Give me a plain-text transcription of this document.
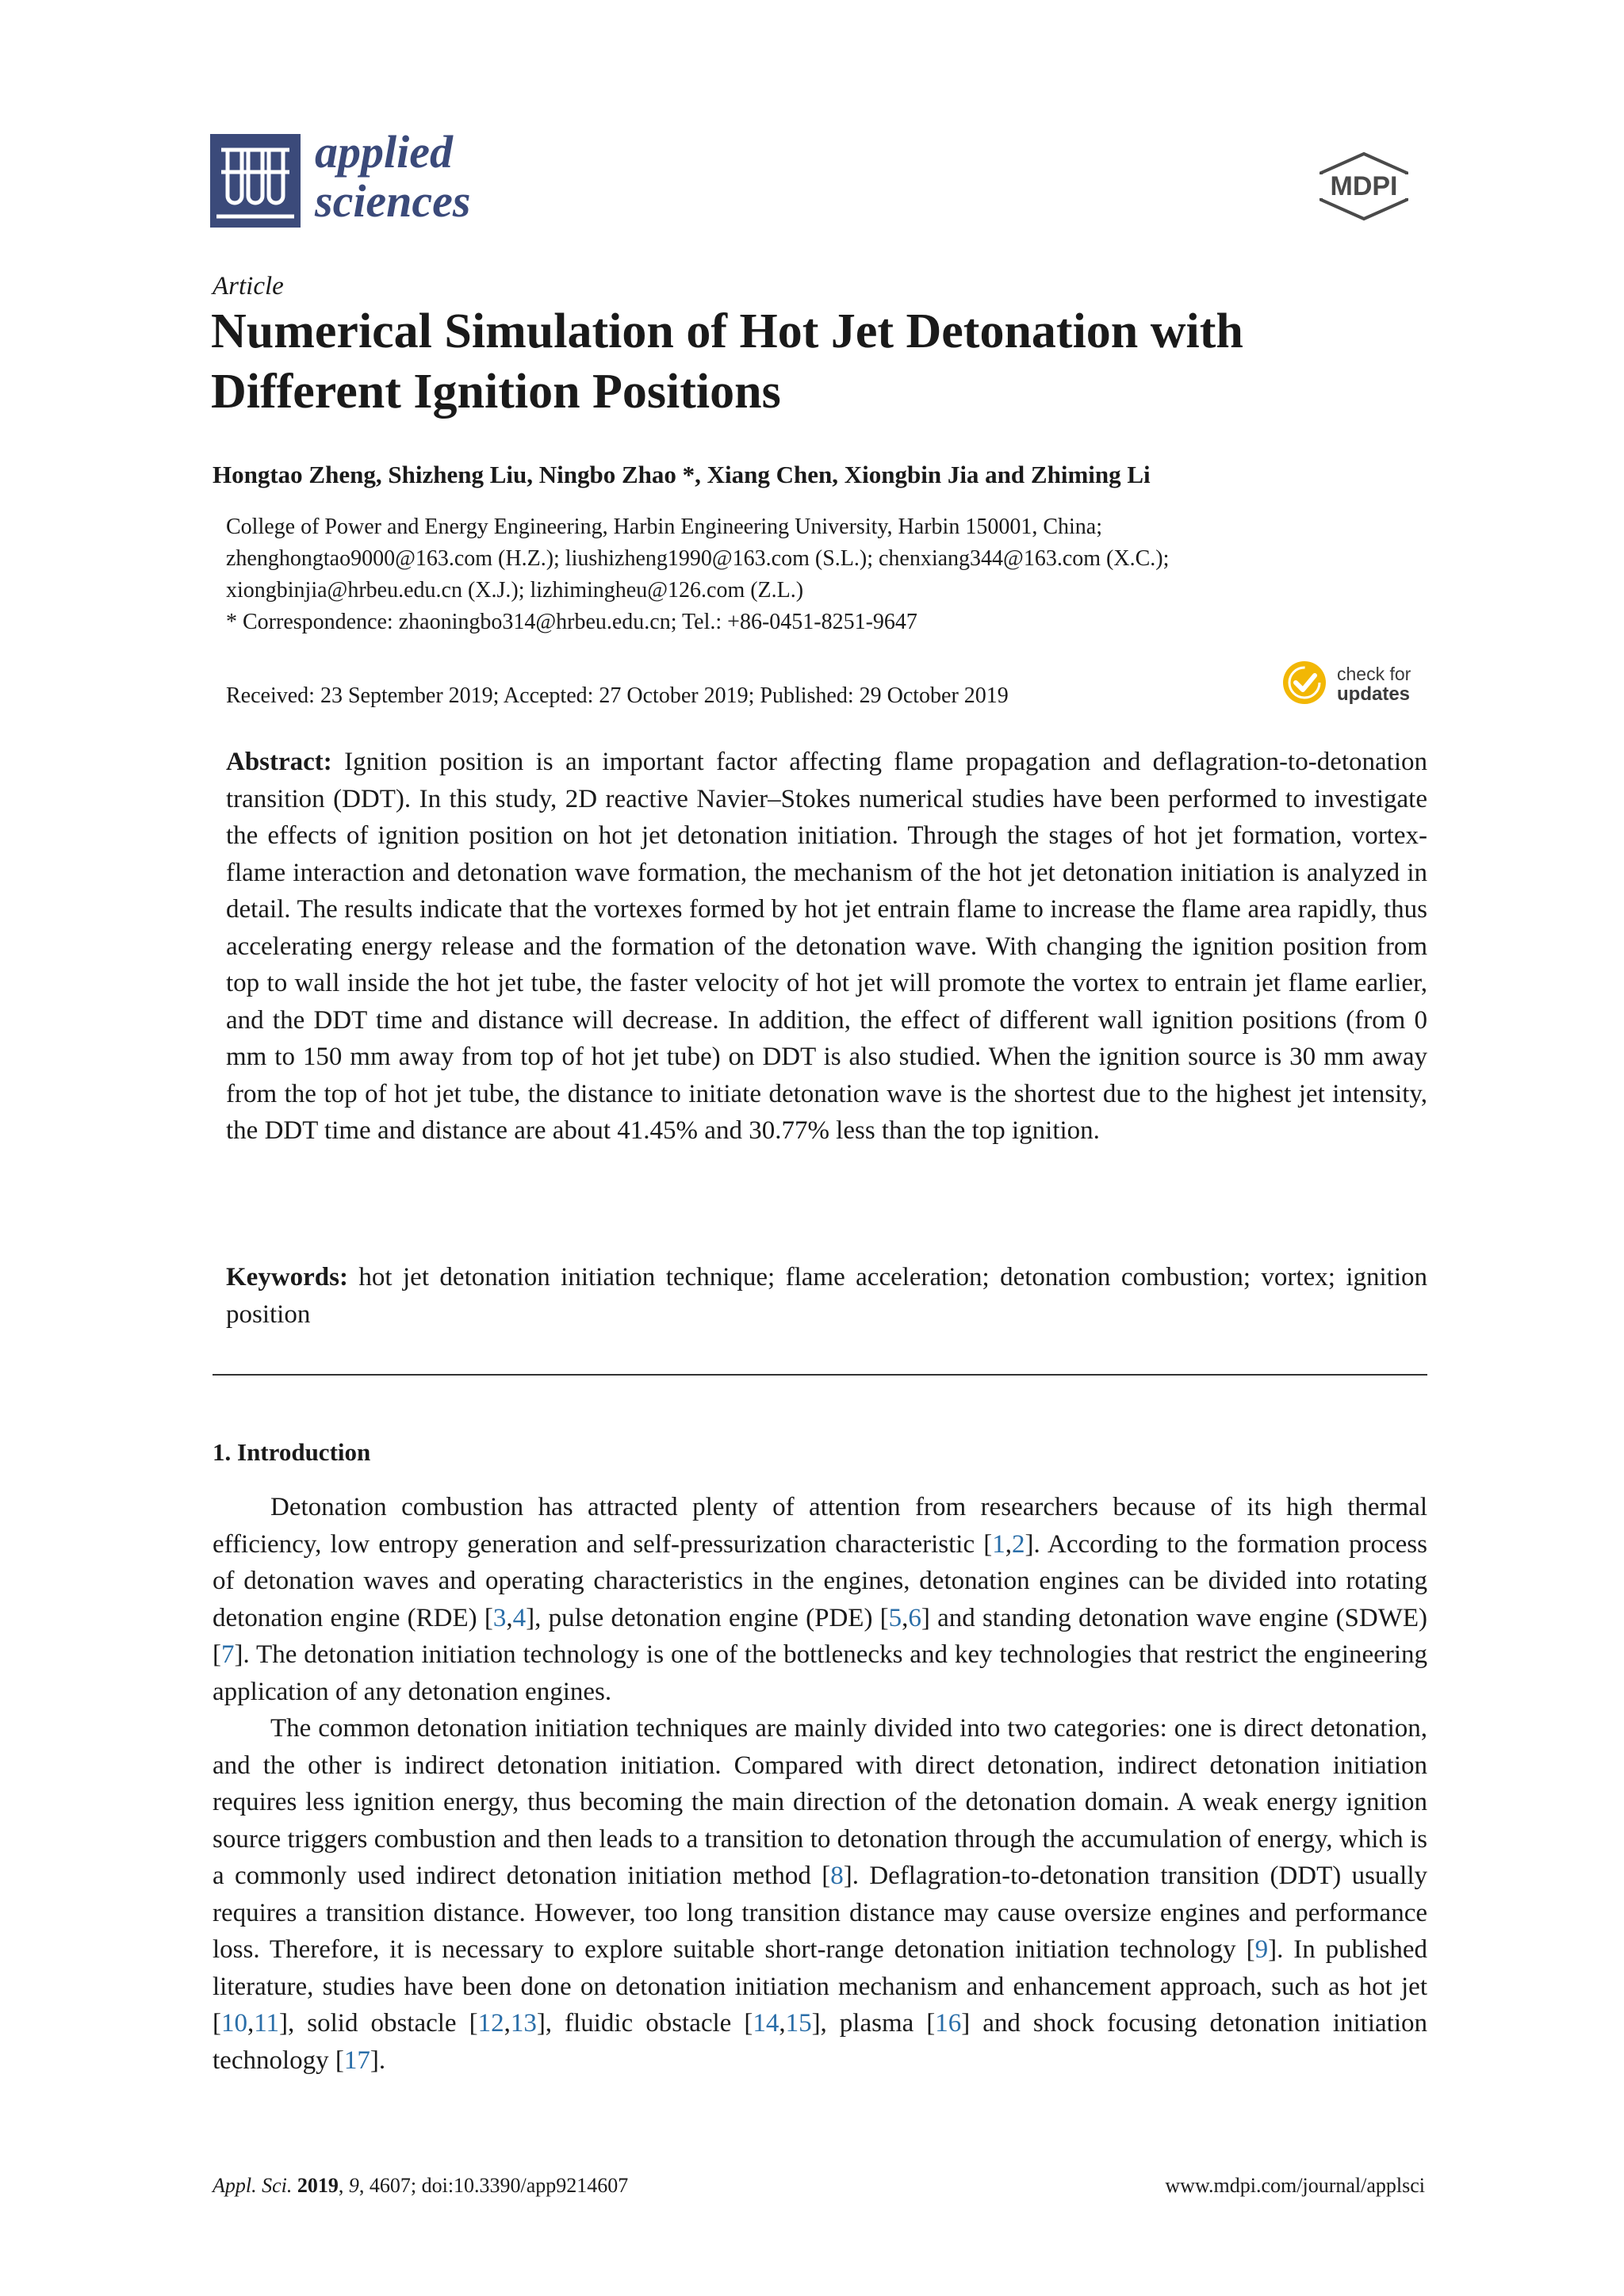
applied
sciences	MDPI
Article
Numerical Simulation of Hot Jet Detonation with
Different Ignition Positions
Hongtao Zheng, Shizheng Liu, Ningbo Zhao *, Xiang Chen, Xiongbin Jia and Zhiming Li
College of Power and Energy Engineering, Harbin Engineering University, Harbin 150001, China;
zhenghongtao9000@163.com (H.Z.); liushizheng1990@163.com (S.L.); chenxiang344@163.com (X.C.);
xiongbinjia@hrbeu.edu.cn (X.J.); lizhimingheu@126.com (Z.L.)
* Correspondence: zhaoningbo314@hrbeu.edu.cn; Tel.: +86-0451-8251-9647
Received: 23 September 2019; Accepted: 27 October 2019; Published: 29 October 2019
check for
updates
Abstract: Ignition position is an important factor affecting flame propagation and deflagration-to-detonation transition (DDT). In this study, 2D reactive Navier–Stokes numerical studies have been performed to investigate the effects of ignition position on hot jet detonation initiation. Through the stages of hot jet formation, vortex-flame interaction and detonation wave formation, the mechanism of the hot jet detonation initiation is analyzed in detail. The results indicate that the vortexes formed by hot jet entrain flame to increase the flame area rapidly, thus accelerating energy release and the formation of the detonation wave. With changing the ignition position from top to wall inside the hot jet tube, the faster velocity of hot jet will promote the vortex to entrain jet flame earlier, and the DDT time and distance will decrease. In addition, the effect of different wall ignition positions (from 0 mm to 150 mm away from top of hot jet tube) on DDT is also studied. When the ignition source is 30 mm away from the top of hot jet tube, the distance to initiate detonation wave is the shortest due to the highest jet intensity, the DDT time and distance are about 41.45% and 30.77% less than the top ignition.
Keywords: hot jet detonation initiation technique; flame acceleration; detonation combustion; vortex; ignition position
1. Introduction

Detonation combustion has attracted plenty of attention from researchers because of its high thermal efficiency, low entropy generation and self-pressurization characteristic [1,2]. According to the formation process of detonation waves and operating characteristics in the engines, detonation engines can be divided into rotating detonation engine (RDE) [3,4], pulse detonation engine (PDE) [5,6] and standing detonation wave engine (SDWE) [7]. The detonation initiation technology is one of the bottlenecks and key technologies that restrict the engineering application of any detonation engines.

The common detonation initiation techniques are mainly divided into two categories: one is direct detonation, and the other is indirect detonation initiation. Compared with direct detonation, indirect detonation initiation requires less ignition energy, thus becoming the main direction of the detonation domain. A weak energy ignition source triggers combustion and then leads to a transition to detonation through the accumulation of energy, which is a commonly used indirect detonation initiation method [8]. Deflagration-to-detonation transition (DDT) usually requires a transition distance. However, too long transition distance may cause oversize engines and performance loss. Therefore, it is necessary to explore suitable short-range detonation initiation technology [9]. In published literature, studies have been done on detonation initiation mechanism and enhancement approach, such as hot jet [10,11], solid obstacle [12,13], fluidic obstacle [14,15], plasma [16] and shock focusing detonation initiation technology [17].

Appl. Sci. 2019, 9, 4607; doi:10.3390/app9214607	www.mdpi.com/journal/applsci
